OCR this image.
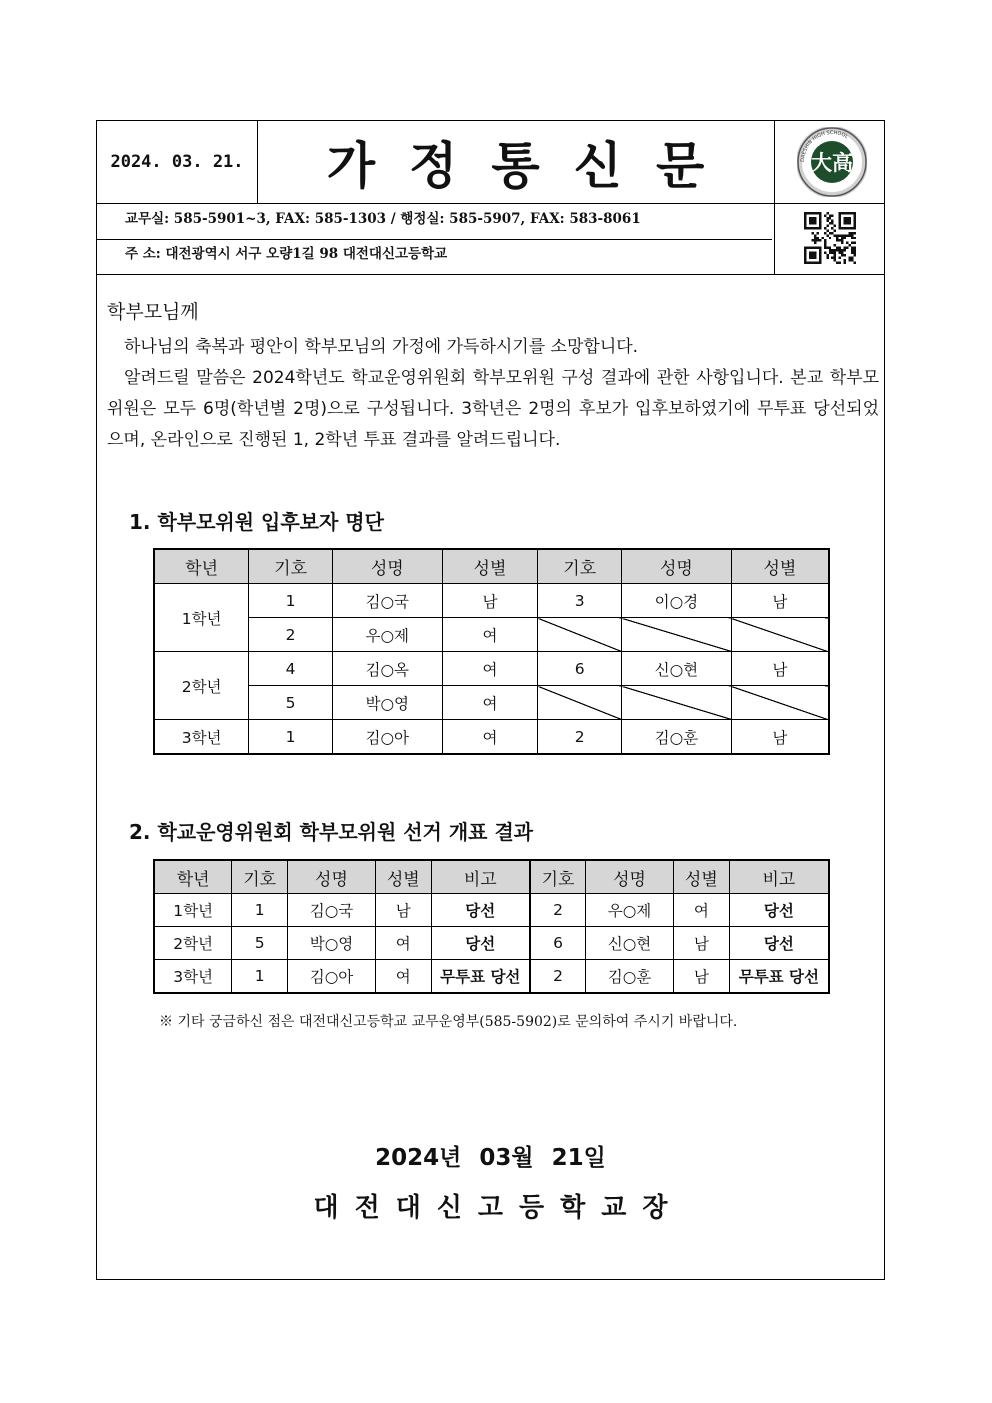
2024. 03. 21.	가정통신문	DAESHIN HIGH SCHOOL
大高
교무실: 585-5901~3, FAX: 585-1303 / 행정실: 585-5907, FAX: 583-8061
주 소: 대전광역시 서구 오량1길 98 대전대신고등학교
학부모님께
하나님의 축복과 평안이 학부모님의 가정에 가득하시기를 소망합니다.
알려드릴 말씀은 2024학년도 학교운영위원회 학부모위원 구성 결과에 관한 사항입니다. 본교 학부모위원은 모두 6명(학년별 2명)으로 구성됩니다. 3학년은 2명의 후보가 입후보하였기에 무투표 당선되었으며, 온라인으로 진행된 1, 2학년 투표 결과를 알려드립니다.
1. 학부모위원 입후보자 명단
학년	기호	성명	성별	기호	성명	성별
1학년	1	김○국	남	3	이○경	남
	2	우○제	여			
2학년	4	김○옥	여	6	신○현	남
	5	박○영	여			
3학년	1	김○아	여	2	김○훈	남
2. 학교운영위원회 학부모위원 선거 개표 결과
학년	기호	성명	성별	비고	기호	성명	성별	비고
1학년	1	김○국	남	당선	2	우○제	여	당선
2학년	5	박○영	여	당선	6	신○현	남	당선
3학년	1	김○아	여	무투표 당선	2	김○훈	남	무투표 당선
※ 기타 궁금하신 점은 대전대신고등학교 교무운영부(585-5902)로 문의하여 주시기 바랍니다.
2024년 03월 21일
대전대신고등학교장
